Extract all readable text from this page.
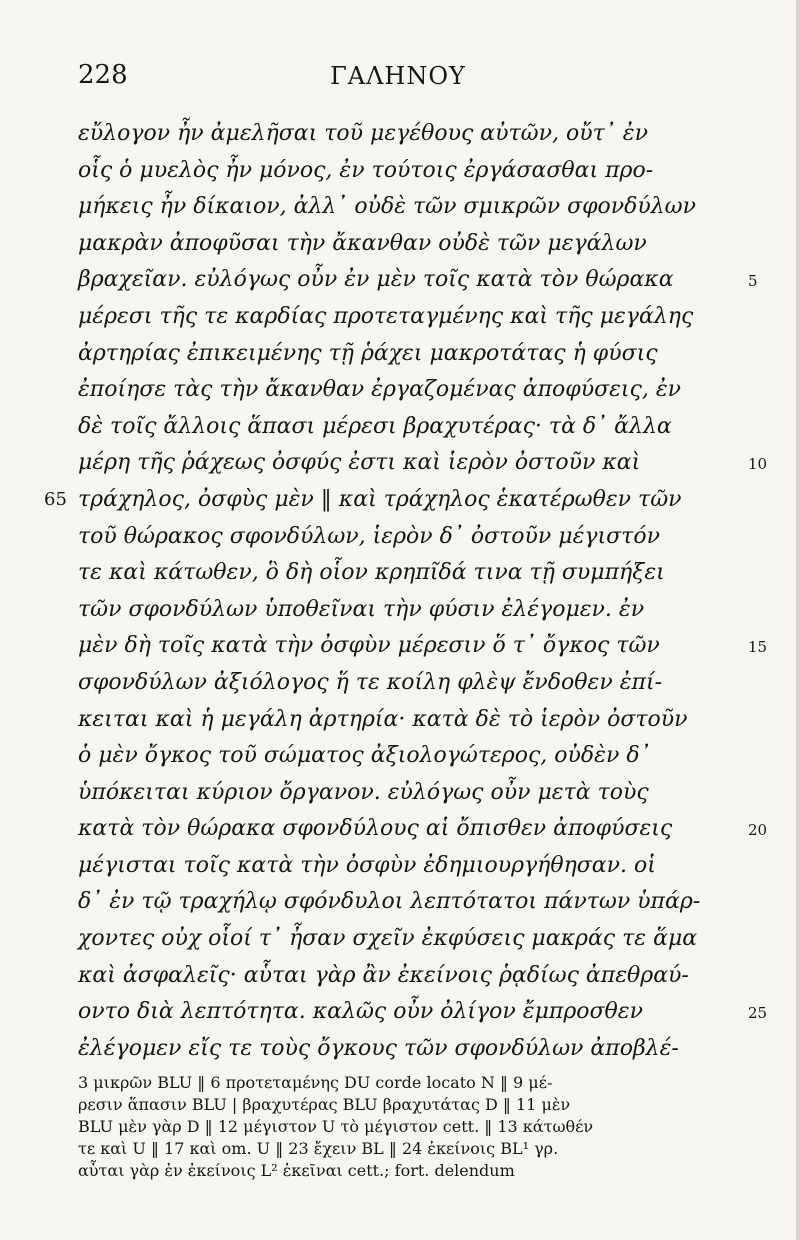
228	ΓΑΛΗΝΟΥ
εὔλογον ἦν ἀμελῆσαι τοῦ μεγέθους αὐτῶν, οὔτ᾽ ἐν
οἷς ὁ μυελὸς ἦν μόνος, ἐν τούτοις ἐργάσασθαι προ-
μήκεις ἦν δίκαιον, ἀλλ᾽ οὐδὲ τῶν σμικρῶν σφονδύλων
μακρὰν ἀποφῦσαι τὴν ἄκανθαν οὐδὲ τῶν μεγάλων
βραχεῖαν. εὐλόγως οὖν ἐν μὲν τοῖς κατὰ τὸν θώρακα	5
μέρεσι τῆς τε καρδίας προτεταγμένης καὶ τῆς μεγάλης
ἀρτηρίας ἐπικειμένης τῇ ῥάχει μακροτάτας ἡ φύσις
ἐποίησε τὰς τὴν ἄκανθαν ἐργαζομένας ἀποφύσεις, ἐν
δὲ τοῖς ἄλλοις ἅπασι μέρεσι βραχυτέρας· τὰ δ᾽ ἄλλα
μέρη τῆς ῥάχεως ὀσφύς ἐστι καὶ ἱερὸν ὀστοῦν καὶ	10
τράχηλος, ὀσφὺς μὲν ‖ καὶ τράχηλος ἑκατέρωθεν τῶν
65
τοῦ θώρακος σφονδύλων, ἱερὸν δ᾽ ὀστοῦν μέγιστόν
τε καὶ κάτωθεν, ὃ δὴ οἷον κρηπῖδά τινα τῇ συμπήξει
τῶν σφονδύλων ὑποθεῖναι τὴν φύσιν ἐλέγομεν. ἐν
μὲν δὴ τοῖς κατὰ τὴν ὀσφὺν μέρεσιν ὅ τ᾽ ὄγκος τῶν	15
σφονδύλων ἀξιόλογος ἥ τε κοίλη φλὲψ ἔνδοθεν ἐπί-
κειται καὶ ἡ μεγάλη ἀρτηρία· κατὰ δὲ τὸ ἱερὸν ὀστοῦν
ὁ μὲν ὄγκος τοῦ σώματος ἀξιολογώτερος, οὐδὲν δ᾽
ὑπόκειται κύριον ὄργανον. εὐλόγως οὖν μετὰ τοὺς
κατὰ τὸν θώρακα σφονδύλους αἱ ὄπισθεν ἀποφύσεις	20
μέγισται τοῖς κατὰ τὴν ὀσφὺν ἐδημιουργήθησαν. οἱ
δ᾽ ἐν τῷ τραχήλῳ σφόνδυλοι λεπτότατοι πάντων ὑπάρ-
χοντες οὐχ οἷοί τ᾽ ἦσαν σχεῖν ἐκφύσεις μακράς τε ἅμα
καὶ ἀσφαλεῖς· αὗται γὰρ ἂν ἐκείνοις ῥᾳδίως ἀπεθραύ-
οντο διὰ λεπτότητα. καλῶς οὖν ὀλίγον ἔμπροσθεν	25
ἐλέγομεν εἴς τε τοὺς ὄγκους τῶν σφονδύλων ἀποβλέ-
3 μικρῶν BLU ‖ 6 προτεταμένης DU corde locato N ‖ 9 μέ-
ρεσιν ἅπασιν BLU | βραχυτέρας BLU βραχυτάτας D ‖ 11 μὲν
BLU μὲν γὰρ D ‖ 12 μέγιστον U τὸ μέγιστον cett. ‖ 13 κάτωθέν
τε καὶ U ‖ 17 καὶ om. U ‖ 23 ἔχειν BL ‖ 24 ἐκείνοις BL¹ γρ.
αὗται γὰρ ἐν ἐκείνοις L² ἐκεῖναι cett.; fort. delendum
